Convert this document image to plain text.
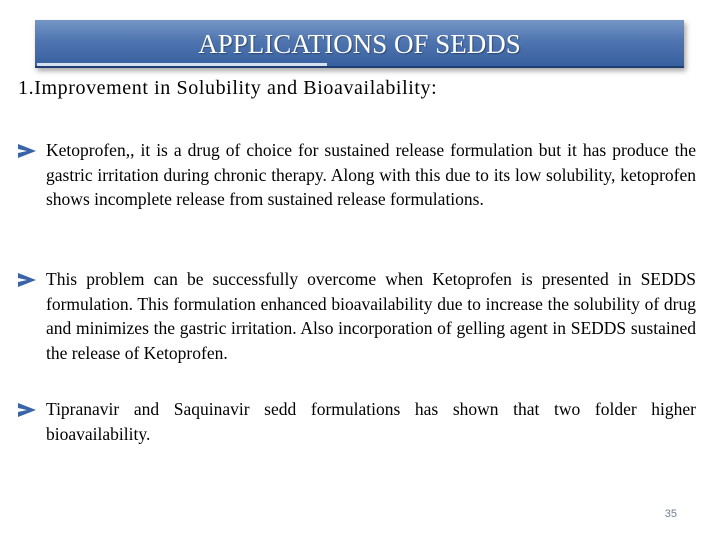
APPLICATIONS OF SEDDS
1.Improvement in Solubility and Bioavailability:
Ketoprofen,, it is a drug of choice for sustained release formulation but it has produce the gastric irritation during chronic therapy. Along with this due to its low solubility, ketoprofen shows incomplete release from sustained release formulations.
This problem can be successfully overcome when Ketoprofen is presented in SEDDS formulation. This formulation enhanced bioavailability due to increase the solubility of drug and minimizes the gastric irritation. Also incorporation of gelling agent in SEDDS sustained the release of Ketoprofen.
Tipranavir and Saquinavir sedd formulations has shown that two folder higher bioavailability.
35
